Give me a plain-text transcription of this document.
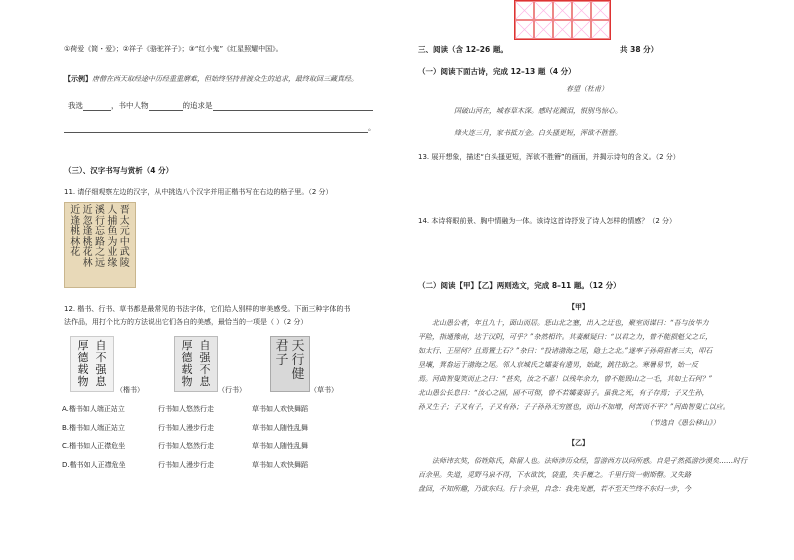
①荷爱《简・爱》；②祥子《骆驼祥子》；③“红小鬼”《红星照耀中国》。
【示例】唐僧在西天取经途中历经重重磨难，但始终坚持普渡众生的追求，最终取回三藏真经。
我选	，书中人物	的追求是
。
（三）、汉字书写与赏析（4 分）
11. 请仔细观察左边的汉字，从中挑选八个汉字并用正楷书写在右边的格子里。（2 分）
晋
太
元
中
武
陵
人
捕
鱼
为
业
缘
溪
行
忘
路
之
远
近
忽
逢
桃
花
林
近
逢
桃
林
花
12. 楷书、行书、草书都是最常见的书法字体，它们给人别样的审美感受。下面三种字体的书
法作品，用打个比方的方法说出它们各自的美感，最恰当的一项是（ ）（2 分）
自
不
强
息
厚
德
载
物
（楷书）
自
强
不
息
厚
德
载
物
（行书）
天
行
健
君
子
（草书）
A.楷书如人端正站立	行书如人悠然行走	草书如人欢快舞蹈
B.楷书如人端正站立	行书如人漫步行走	草书如人随性乱舞
C.楷书如人正襟危坐	行书如人悠然行走	草书如人随性乱舞
D.楷书如人正襟危坐	行书如人漫步行走	草书如人欢快舞蹈
三、阅读（含 12–26 题。	共 38 分）
（一）阅读下面古诗，完成 12–13 题（4 分）
春望（杜甫）
国破山河在，城春草木深。感时花溅泪，恨别鸟惊心。
烽火连三月，家书抵万金。白头搔更短，浑欲不胜簪。
13. 展开想象，描述“白头搔更短，浑欲不胜簪”的画面，并揭示诗句的含义。（2 分）
14. 本诗将眼前景、胸中情融为一体。该诗这首诗抒发了诗人怎样的情感？（2 分）
（二）阅读【甲】【乙】两则选文，完成 8–11 题。（12 分）
【甲】
北山愚公者，年且九十，面山而居。惩山北之塞，出入之迂也，聚室而谋曰：“吾与汝毕力
平险，指通豫南，达于汉阴，可乎？”杂然相许。其妻献疑曰：“以君之力，曾不能损魁父之丘，
如太行、王屋何？且焉置土石？”杂曰：“投诸渤海之尾，隐土之北。”遂率子孙荷担者三夫，叩石
垦壤，箕畚运于渤海之尾。邻人京城氏之孀妻有遗男，始龀，跳往助之。寒暑易节，始一反
焉。河曲智叟笑而止之曰：“甚矣，汝之不惠！以残年余力，曾不能毁山之一毛，其如土石何？”
北山愚公长息曰：“汝心之固，固不可彻，曾不若孀妻弱子。虽我之死，有子存焉；子又生孙，
孙又生子；子又有子，子又有孙；子子孙孙无穷匮也，而山不加增，何苦而不平？”河曲智叟亡以应。
（节选自《愚公移山》）
【乙】
法师讳玄奘，俗姓陈氏，陈留人也。法师涉历众经，誓游西方以问所惑。自是孑然孤游沙漠矣……时行
百余里。失道，觅野马泉不得，下水欲饮，袋重，失手覆之。千里行资一朝斯罄。又失路
盘回，不知所趣，乃欲东归。行十余里，自念：我先发愿，若不至天竺终不东归一步，今
